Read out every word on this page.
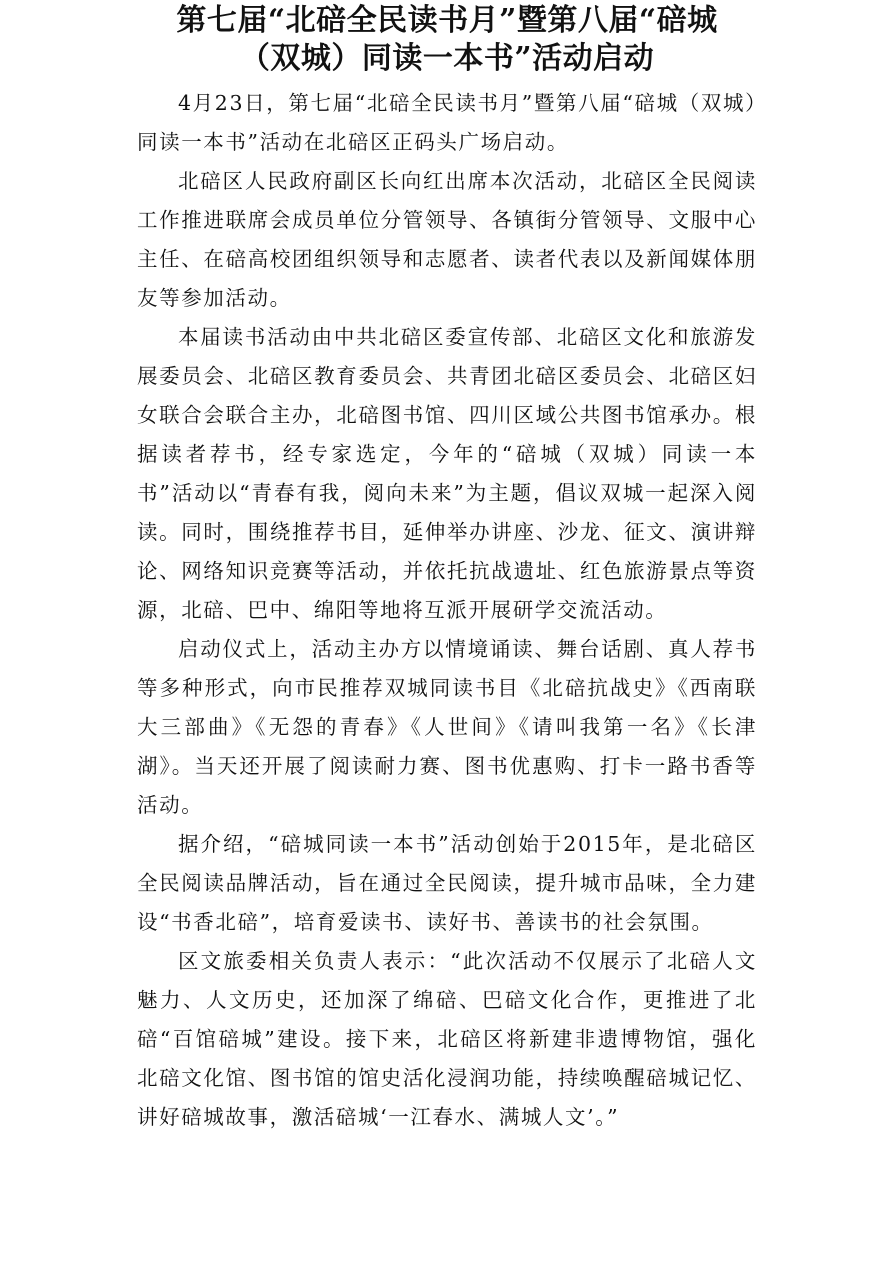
第七届“北碚全民读书月”暨第八届“碚城
（双城）同读一本书”活动启动

4月23日，第七届“北碚全民读书月”暨第八届“碚城（双城）同读一本书”活动在北碚区正码头广场启动。

北碚区人民政府副区长向红出席本次活动，北碚区全民阅读工作推进联席会成员单位分管领导、各镇街分管领导、文服中心主任、在碚高校团组织领导和志愿者、读者代表以及新闻媒体朋友等参加活动。

本届读书活动由中共北碚区委宣传部、北碚区文化和旅游发展委员会、北碚区教育委员会、共青团北碚区委员会、北碚区妇女联合会联合主办，北碚图书馆、四川区域公共图书馆承办。根据读者荐书，经专家选定，今年的“碚城（双城）同读一本书”活动以“青春有我，阅向未来”为主题，倡议双城一起深入阅读。同时，围绕推荐书目，延伸举办讲座、沙龙、征文、演讲辩论、网络知识竞赛等活动，并依托抗战遗址、红色旅游景点等资源，北碚、巴中、绵阳等地将互派开展研学交流活动。

启动仪式上，活动主办方以情境诵读、舞台话剧、真人荐书等多种形式，向市民推荐双城同读书目《北碚抗战史》《西南联大三部曲》《无怨的青春》《人世间》《请叫我第一名》《长津湖》。当天还开展了阅读耐力赛、图书优惠购、打卡一路书香等活动。

据介绍，“碚城同读一本书”活动创始于2015年，是北碚区全民阅读品牌活动，旨在通过全民阅读，提升城市品味，全力建设“书香北碚”，培育爱读书、读好书、善读书的社会氛围。

区文旅委相关负责人表示：“此次活动不仅展示了北碚人文魅力、人文历史，还加深了绵碚、巴碚文化合作，更推进了北碚“百馆碚城”建设。接下来，北碚区将新建非遗博物馆，强化北碚文化馆、图书馆的馆史活化浸润功能，持续唤醒碚城记忆、讲好碚城故事，激活碚城‘一江春水、满城人文’。”
